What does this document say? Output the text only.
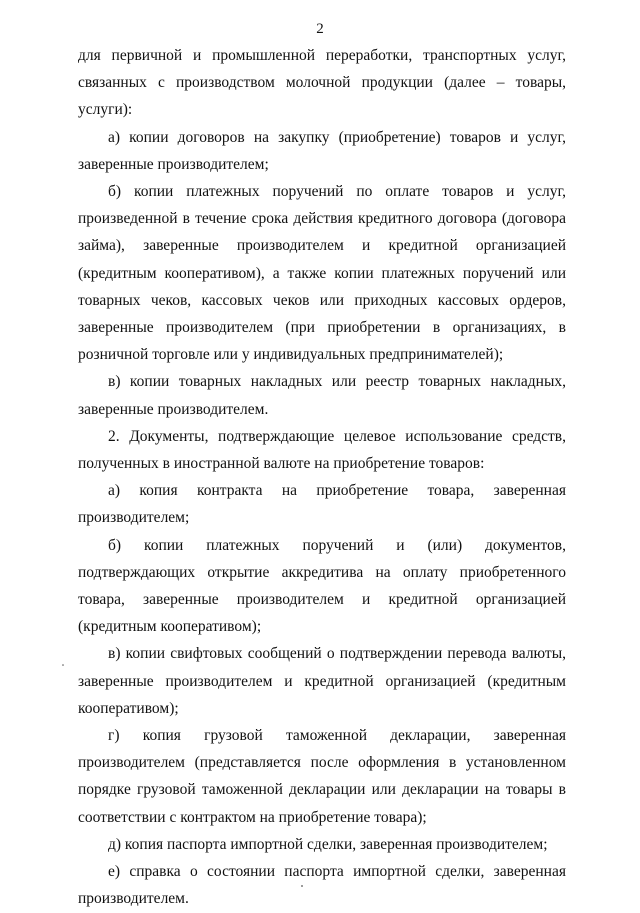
2

для первичной и промышленной переработки, транспортных услуг, связанных с производством молочной продукции (далее – товары, услуги):

а) копии договоров на закупку (приобретение) товаров и услуг, заверенные производителем;

б) копии платежных поручений по оплате товаров и услуг, произведенной в течение срока действия кредитного договора (договора займа), заверенные производителем и кредитной организацией (кредитным кооперативом), а также копии платежных поручений или товарных чеков, кассовых чеков или приходных кассовых ордеров, заверенные производителем (при приобретении в организациях, в розничной торговле или у индивидуальных предпринимателей);

в) копии товарных накладных или реестр товарных накладных, заверенные производителем.

2. Документы, подтверждающие целевое использование средств, полученных в иностранной валюте на приобретение товаров:

а) копия контракта на приобретение товара, заверенная производителем;

б) копии платежных поручений и (или) документов, подтверждающих открытие аккредитива на оплату приобретенного товара, заверенные производителем и кредитной организацией (кредитным кооперативом);

в) копии свифтовых сообщений о подтверждении перевода валюты, заверенные производителем и кредитной организацией (кредитным кооперативом);

г) копия грузовой таможенной декларации, заверенная производителем (представляется после оформления в установленном порядке грузовой таможенной декларации или декларации на товары в соответствии с контрактом на приобретение товара);

д) копия паспорта импортной сделки, заверенная производителем;

е) справка о состоянии паспорта импортной сделки, заверенная производителем.
